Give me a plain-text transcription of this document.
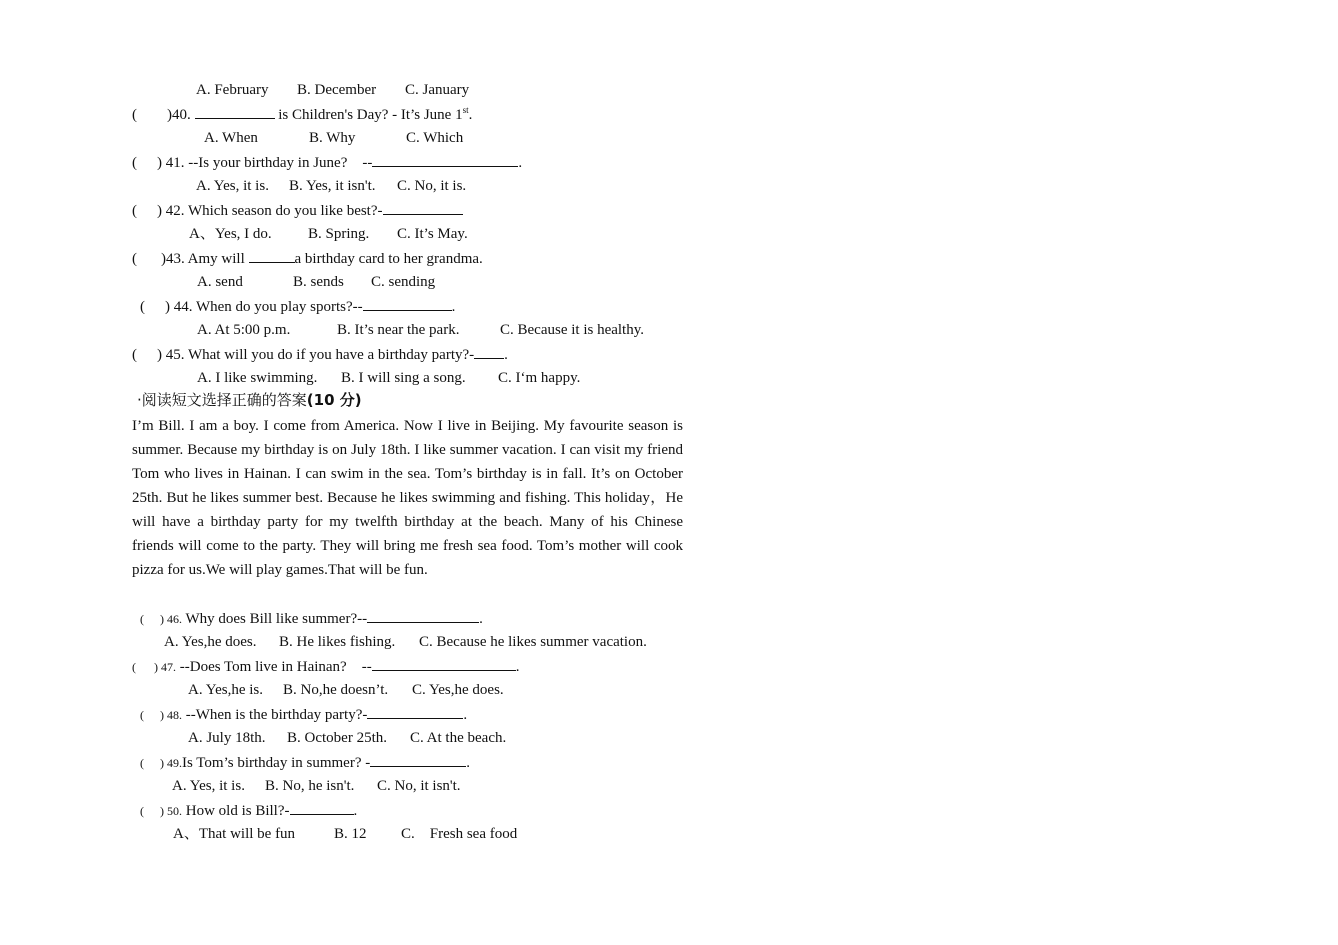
A. February B. December C. January
( )40.	is Children's Day? - It’s June 1st.
A. When	B. Why	C. Which
( ) 41. --Is your birthday in June?    --	.
A. Yes, it is. B. Yes, it isn't. C. No, it is.
( ) 42. Which season do you like best?-
A、Yes, I do. B. Spring. C. It’s May.
( )43. Amy will	a birthday card to her grandma.
A. send	B. sends C. sending
( ) 44. When do you play sports?--	.
A. At 5:00 p.m.	B. It’s near the park.	C. Because it is healthy.
( ) 45. What will you do if you have a birthday party?- .
A. I like swimming. B. I will sing a song. C. I‘m happy.
·阅读短文选择正确的答案(10 分)
I’m Bill. I am a boy. I come from America. Now I live in Beijing. My favourite season is summer. Because my birthday is on July 18th. I like summer vacation. I can visit my friend Tom who lives in Hainan. I can swim in the sea. Tom’s birthday is in fall. It’s on October 25th. But he likes summer best. Because he likes swimming and fishing. This holiday，He will have a birthday party for my twelfth birthday at the beach. Many of his Chinese friends will come to the party. They will bring me fresh sea food. Tom’s mother will cook pizza for us.We will play games.That will be fun.
( ) 46. Why does Bill like summer?--	.
A. Yes,he does. B. He likes fishing. C. Because he likes summer vacation.
( ) 47. --Does Tom live in Hainan?    --	.
A. Yes,he is. B. No,he doesn’t. C. Yes,he does.
( ) 48. --When is the birthday party?-	.
A. July 18th. B. October 25th. C. At the beach.
( ) 49.Is Tom’s birthday in summer? -	.
A. Yes, it is. B. No, he isn't. C. No, it isn't.
( ) 50. How old is Bill?-	.
A、That will be fun	B. 12 C.    Fresh sea food
